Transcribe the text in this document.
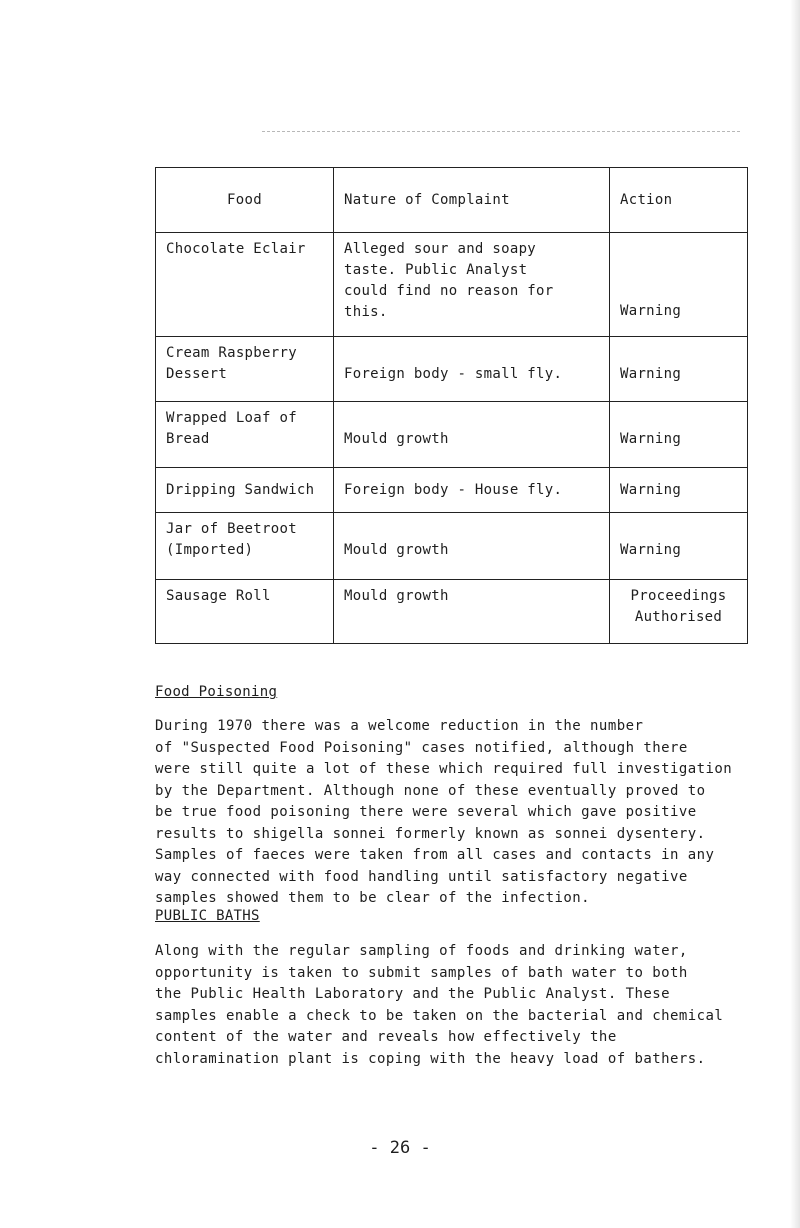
Food	Nature of Complaint	Action
Chocolate Eclair	Alleged sour and soapy
taste. Public Analyst
could find no reason for
this.	Warning
Cream Raspberry
Dessert	Foreign body - small fly.	Warning
Wrapped Loaf of
Bread	Mould growth	Warning
Dripping Sandwich	Foreign body - House fly.	Warning
Jar of Beetroot
(Imported)	Mould growth	Warning
Sausage Roll	Mould growth	Proceedings
Authorised
Food Poisoning
During 1970 there was a welcome reduction in the number
of "Suspected Food Poisoning" cases notified, although there
were still quite a lot of these which required full investigation
by the Department. Although none of these eventually proved to
be true food poisoning there were several which gave positive
results to shigella sonnei formerly known as sonnei dysentery.
Samples of faeces were taken from all cases and contacts in any
way connected with food handling until satisfactory negative
samples showed them to be clear of the infection.
PUBLIC BATHS
Along with the regular sampling of foods and drinking water,
opportunity is taken to submit samples of bath water to both
the Public Health Laboratory and the Public Analyst. These
samples enable a check to be taken on the bacterial and chemical
content of the water and reveals how effectively the
chloramination plant is coping with the heavy load of bathers.
- 26 -
